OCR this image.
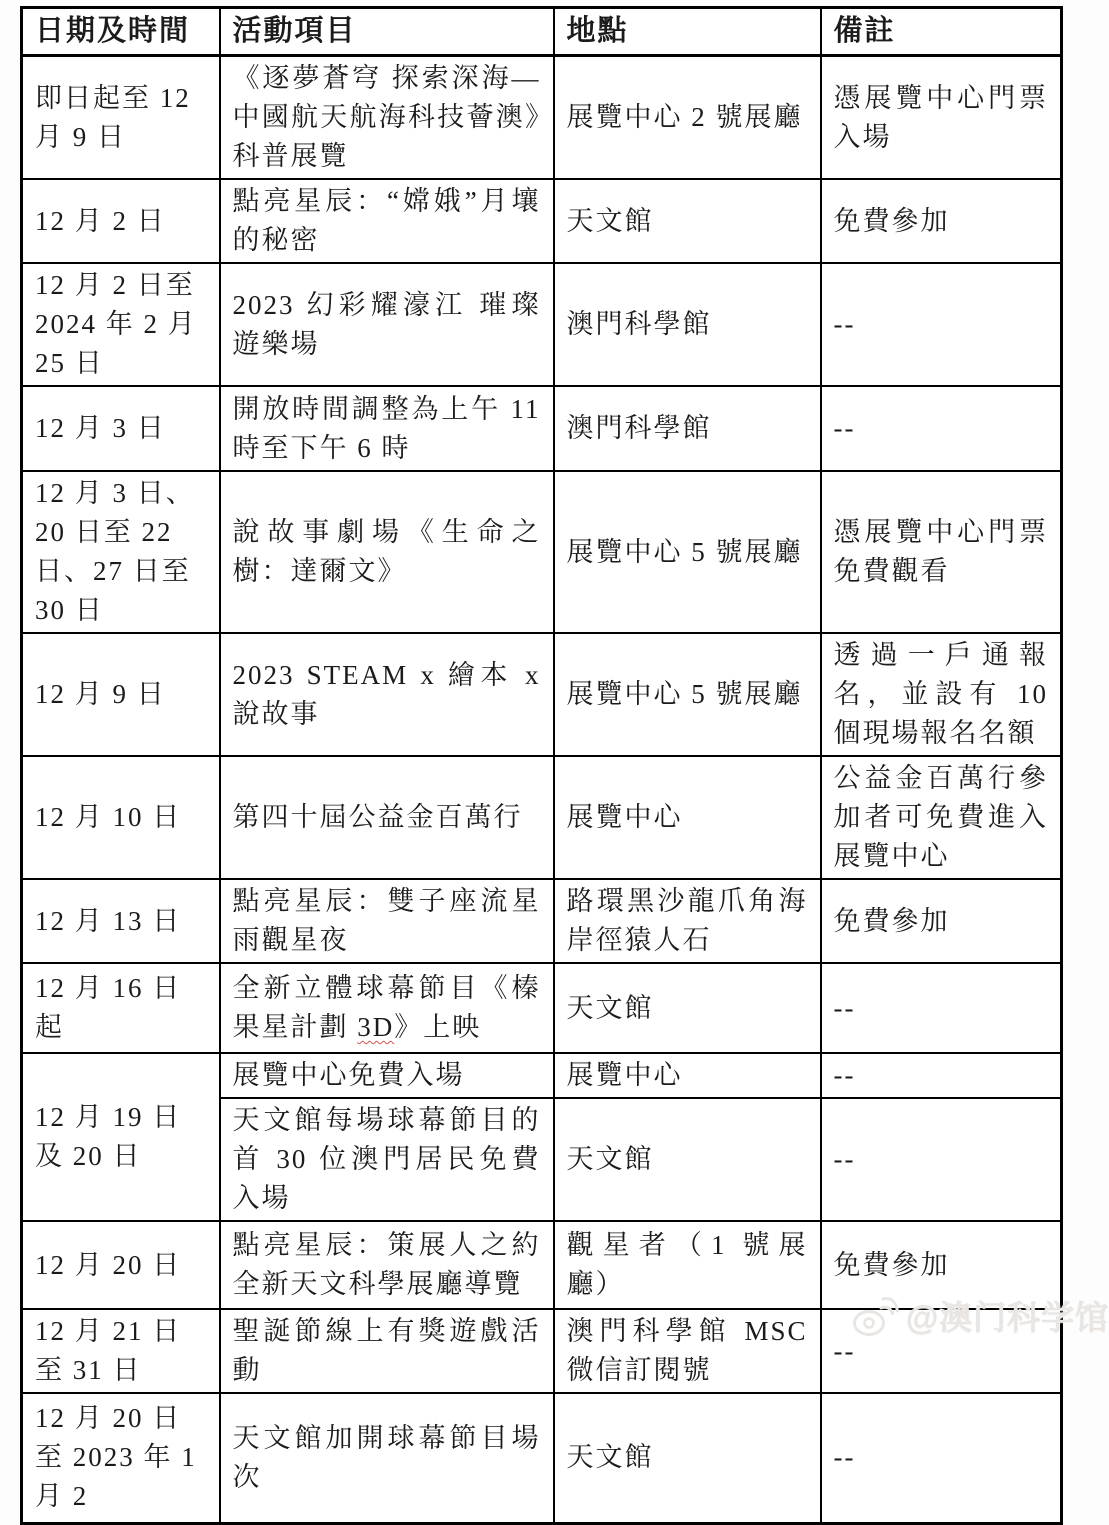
日期及時間	活動項目	地點	備註
即日起至 12 月 9 日	《逐夢蒼穹 探索深海—中國航天航海科技薈澳》科普展覽	展覽中心 2 號展廳	憑展覽中心門票入場
12 月 2 日	點亮星辰：“嫦娥”月壤的秘密	天文館	免費參加
12 月 2 日至 2024 年 2 月 25 日	2023 幻彩耀濠江 璀璨遊樂場	澳門科學館	--
12 月 3 日	開放時間調整為上午 11 時至下午 6 時	澳門科學館	--
12 月 3 日、20 日至 22 日、27 日至 30 日	說故事劇場《生命之樹：達爾文》	展覽中心 5 號展廳	憑展覽中心門票免費觀看
12 月 9 日	2023 STEAM x 繪本 x 說故事	展覽中心 5 號展廳	透過一戶通報名，並設有 10 個現場報名名額
12 月 10 日	第四十屆公益金百萬行	展覽中心	公益金百萬行參加者可免費進入展覽中心
12 月 13 日	點亮星辰：雙子座流星雨觀星夜	路環黑沙龍爪角海岸徑猿人石	免費參加
12 月 16 日起	全新立體球幕節目《榛果星計劃 3D》上映	天文館	--
12 月 19 日及 20 日	展覽中心免費入場	展覽中心	--
	天文館每場球幕節目的首 30 位澳門居民免費入場	天文館	--
12 月 20 日	點亮星辰：策展人之約全新天文科學展廳導覽	觀星者（1 號展廳）	免費參加
12 月 21 日至 31 日	聖誕節線上有獎遊戲活動	澳門科學館 MSC 微信訂閱號	--
12 月 20 日至 2023 年 1 月 2	天文館加開球幕節目場次	天文館	--
@澳门科学馆
